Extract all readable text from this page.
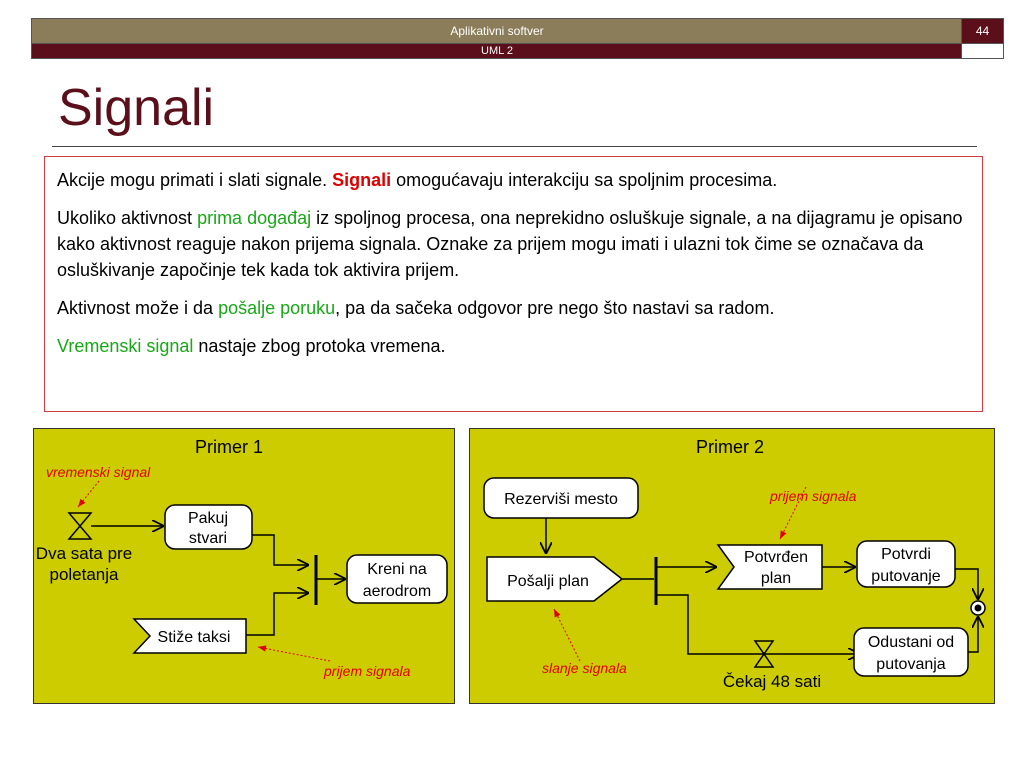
Aplikativni softver	44
UML 2
Signali

Akcije mogu primati i slati signale. Signali omogućavaju interakciju sa spoljnim procesima.

Ukoliko aktivnost prima događaj iz spoljnog procesa, ona neprekidno osluškuje signale, a na dijagramu je opisano kako aktivnost reaguje nakon prijema signala. Oznake za prijem mogu imati i ulazni tok čime se označava da osluškivanje započinje tek kada tok aktivira prijem.

Aktivnost može i da pošalje poruku, pa da sačeka odgovor pre nego što nastavi sa radom.

Vremenski signal nastaje zbog protoka vremena.

Primer 1
vremenski signal
Dva sata pre
poletanja
Pakuj
stvari
Kreni na
aerodrom
Stiže taksi
prijem signala
Primer 2
Rezerviši mesto
Pošalji plan
Potvrđen
plan
prijem signala
Potvrdi
putovanje
Čekaj 48 sati
Odustani od
putovanja
slanje signala
